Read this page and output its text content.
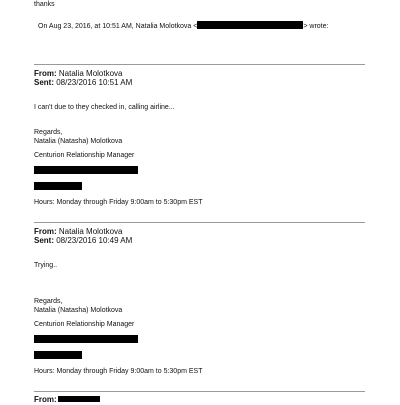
thanks
On Aug 23, 2016, at 10:51 AM, Natalia Molotkova <	> wrote:
From: Natalia Molotkova
Sent: 08/23/2016 10:51 AM
I can't due to they checked in, calling airline...
Regards,
Natalia (Natasha) Molotkova
Centurion Relationship Manager
Hours: Monday through Friday 9:00am to 5:30pm EST
From: Natalia Molotkova
Sent: 08/23/2016 10:49 AM
Trying..
Regards,
Natalia (Natasha) Molotkova
Centurion Relationship Manager
Hours: Monday through Friday 9:00am to 5:30pm EST
From:
